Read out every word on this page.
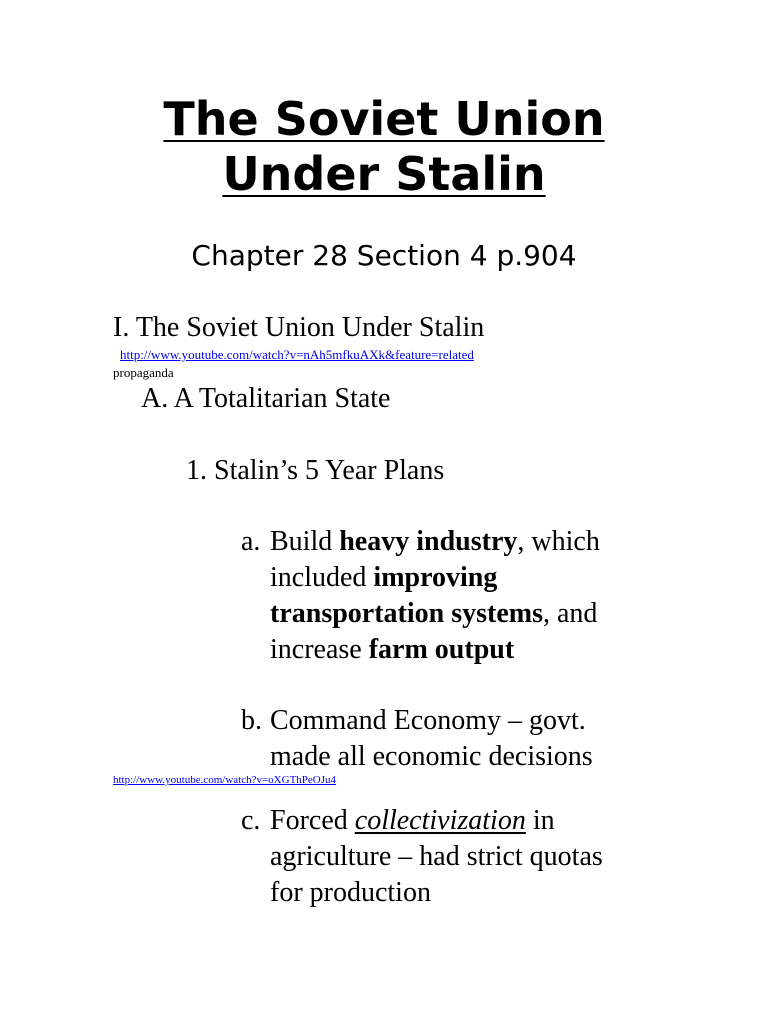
The Soviet Union
Under Stalin
Chapter 28 Section 4 p.904
I. The Soviet Union Under Stalin
http://www.youtube.com/watch?v=nAh5mfkuAXk&feature=related
propaganda
A. A Totalitarian State
1. Stalin’s 5 Year Plans
a. Build heavy industry, which included improving transportation systems, and increase farm output
b. Command Economy – govt. made all economic decisions
http://www.youtube.com/watch?v=oXGThPeOJu4
c. Forced collectivization in agriculture – had strict quotas for production
